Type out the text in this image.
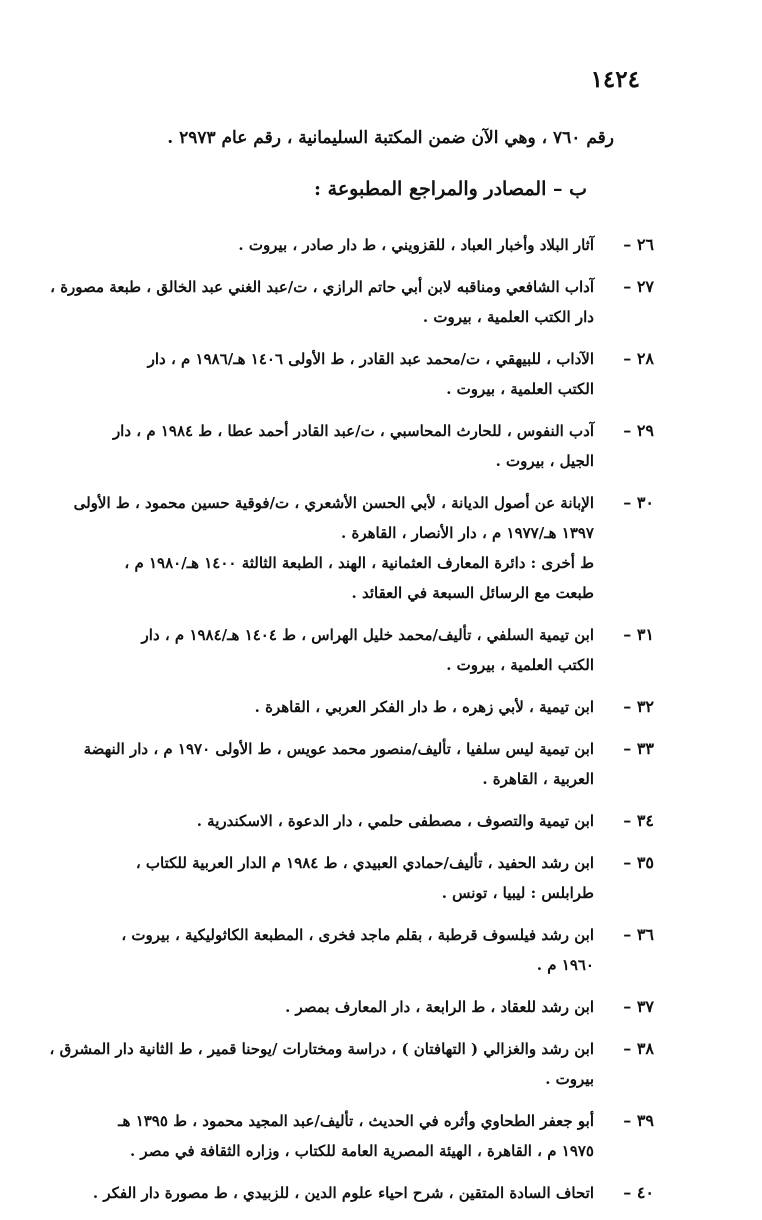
١٤٢٤
رقم ٧٦٠ ، وهي الآن ضمن المكتبة السليمانية ، رقم عام ٢٩٧٣ .
ب – المصادر والمراجع المطبوعة :
٢٦ –
آثار البلاد وأخبار العباد ، للقزويني ، ط دار صادر ، بيروت .
٢٧ –
آداب الشافعي ومناقبه لابن أبي حاتم الرازي ، ت/عبد الغني عبد الخالق ، طبعة مصورة ،
دار الكتب العلمية ، بيروت .
٢٨ –
الآداب ، للبيهقي ، ت/محمد عبد القادر ، ط الأولى ١٤٠٦ هـ/١٩٨٦ م ، دار
الكتب العلمية ، بيروت .
٢٩ –
آدب النفوس ، للحارث المحاسبي ، ت/عبد القادر أحمد عطا ، ط ١٩٨٤ م ، دار
الجيل ، بيروت .
٣٠ –
الإبانة عن أصول الديانة ، لأبي الحسن الأشعري ، ت/فوقية حسين محمود ، ط الأولى
١٣٩٧ هـ/١٩٧٧ م ، دار الأنصار ، القاهرة .
ط أخرى : دائرة المعارف العثمانية ، الهند ، الطبعة الثالثة ١٤٠٠ هـ/١٩٨٠ م ،
طبعت مع الرسائل السبعة في العقائد .
٣١ –
ابن تيمية السلفي ، تأليف/محمد خليل الهراس ، ط ١٤٠٤ هـ/١٩٨٤ م ، دار
الكتب العلمية ، بيروت .
٣٢ –
ابن تيمية ، لأبي زهره ، ط دار الفكر العربي ، القاهرة .
٣٣ –
ابن تيمية ليس سلفيا ، تأليف/منصور محمد عويس ، ط الأولى ١٩٧٠ م ، دار النهضة
العربية ، القاهرة .
٣٤ –
ابن تيمية والتصوف ، مصطفى حلمي ، دار الدعوة ، الاسكندرية .
٣٥ –
ابن رشد الحفيد ، تأليف/حمادي العبيدي ، ط ١٩٨٤ م الدار العربية للكتاب ،
طرابلس : ليبيا ، تونس .
٣٦ –
ابن رشد فيلسوف قرطبة ، بقلم ماجد فخرى ، المطبعة الكاثوليكية ، بيروت ،
١٩٦٠ م .
٣٧ –
ابن رشد للعقاد ، ط الرابعة ، دار المعارف بمصر .
٣٨ –
ابن رشد والغزالي ( التهافتان ) ، دراسة ومختارات /يوحنا قمير ، ط الثانية دار المشرق ،
بيروت .
٣٩ –
أبو جعفر الطحاوي وأثره في الحديث ، تأليف/عبد المجيد محمود ، ط ١٣٩٥ هـ
١٩٧٥ م ، القاهرة ، الهيئة المصرية العامة للكتاب ، وزاره الثقافة في مصر .
٤٠ –
اتحاف السادة المتقين ، شرح احياء علوم الدين ، للزبيدي ، ط مصورة دار الفكر .
